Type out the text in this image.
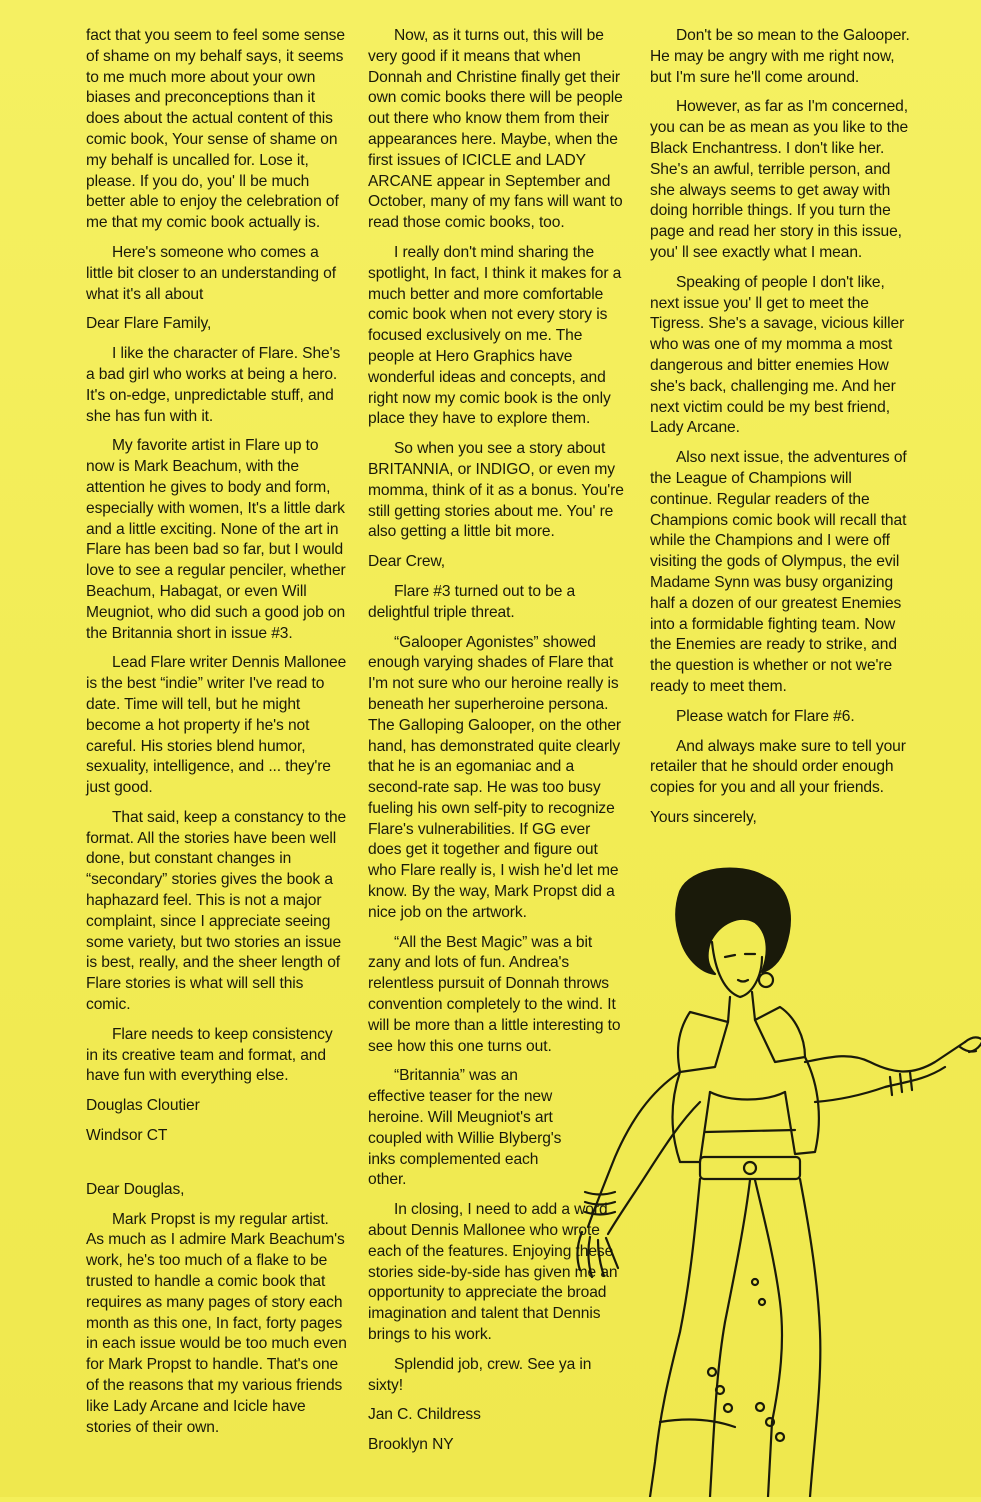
fact that you seem to feel some sense of shame on my behalf says, it seems to me much more about your own biases and preconceptions than it does about the actual content of this comic book, Your sense of shame on my behalf is uncalled for. Lose it, please. If you do, you' ll be much better able to enjoy the celebration of me that my comic book actually is.

Here's someone who comes a little bit closer to an understanding of what it's all about

Dear Flare Family,

I like the character of Flare. She's a bad girl who works at being a hero. It's on-edge, unpredictable stuff, and she has fun with it.

My favorite artist in Flare up to now is Mark Beachum, with the attention he gives to body and form, especially with women, It's a little dark and a little exciting. None of the art in Flare has been bad so far, but I would love to see a regular penciler, whether Beachum, Habagat, or even Will Meugniot, who did such a good job on the Britannia short in issue #3.

Lead Flare writer Dennis Mallonee is the best “indie” writer I've read to date. Time will tell, but he might become a hot property if he's not careful. His stories blend humor, sexuality, intelligence, and ... they're just good.

That said, keep a constancy to the format. All the stories have been well done, but constant changes in “secondary” stories gives the book a haphazard feel. This is not a major complaint, since I appreciate seeing some variety, but two stories an issue is best, really, and the sheer length of Flare stories is what will sell this comic.

Flare needs to keep consistency in its creative team and format, and have fun with everything else.

Douglas Cloutier

Windsor CT

Dear Douglas,

Mark Propst is my regular artist. As much as I admire Mark Beachum's work, he's too much of a flake to be trusted to handle a comic book that requires as many pages of story each month as this one, In fact, forty pages in each issue would be too much even for Mark Propst to handle. That's one of the reasons that my various friends like Lady Arcane and Icicle have stories of their own.

Now, as it turns out, this will be very good if it means that when Donnah and Christine finally get their own comic books there will be people out there who know them from their appearances here. Maybe, when the first issues of ICICLE and LADY ARCANE appear in September and October, many of my fans will want to read those comic books, too.

I really don't mind sharing the spotlight, In fact, I think it makes for a much better and more comfortable comic book when not every story is focused exclusively on me. The people at Hero Graphics have wonderful ideas and concepts, and right now my comic book is the only place they have to explore them.

So when you see a story about BRITANNIA, or INDIGO, or even my momma, think of it as a bonus. You're still getting stories about me. You' re also getting a little bit more.

Dear Crew,

Flare #3 turned out to be a delightful triple threat.

“Galooper Agonistes” showed enough varying shades of Flare that I'm not sure who our heroine really is beneath her superheroine persona. The Galloping Galooper, on the other hand, has demonstrated quite clearly that he is an egomaniac and a second-rate sap. He was too busy fueling his own self-pity to recognize Flare's vulnerabilities. If GG ever does get it together and figure out who Flare really is, I wish he'd let me know. By the way, Mark Propst did a nice job on the artwork.

“All the Best Magic” was a bit zany and lots of fun. Andrea's relentless pursuit of Donnah throws convention completely to the wind. It will be more than a little interesting to see how this one turns out.

“Britannia” was an effective teaser for the new heroine. Will Meugniot's art coupled with Willie Blyberg's inks complemented each other.

In closing, I need to add a word about Dennis Mallonee who wrote each of the features. Enjoying these stories side-by-side has given me an opportunity to appreciate the broad imagination and talent that Dennis brings to his work.

Splendid job, crew. See ya in sixty!

Jan C. Childress

Brooklyn NY

Don't be so mean to the Galooper. He may be angry with me right now, but I'm sure he'll come around.

However, as far as I'm concerned, you can be as mean as you like to the Black Enchantress. I don't like her. She's an awful, terrible person, and she always seems to get away with doing horrible things. If you turn the page and read her story in this issue, you' ll see exactly what I mean.

Speaking of people I don't like, next issue you' ll get to meet the Tigress. She's a savage, vicious killer who was one of my momma a most dangerous and bitter enemies How she's back, challenging me. And her next victim could be my best friend, Lady Arcane.

Also next issue, the adventures of the League of Champions will continue. Regular readers of the Champions comic book will recall that while the Champions and I were off visiting the gods of Olympus, the evil Madame Synn was busy organizing half a dozen of our greatest Enemies into a formidable fighting team. Now the Enemies are ready to strike, and the question is whether or not we're ready to meet them.

Please watch for Flare #6.

And always make sure to tell your retailer that he should order enough copies for you and all your friends.

Yours sincerely,
